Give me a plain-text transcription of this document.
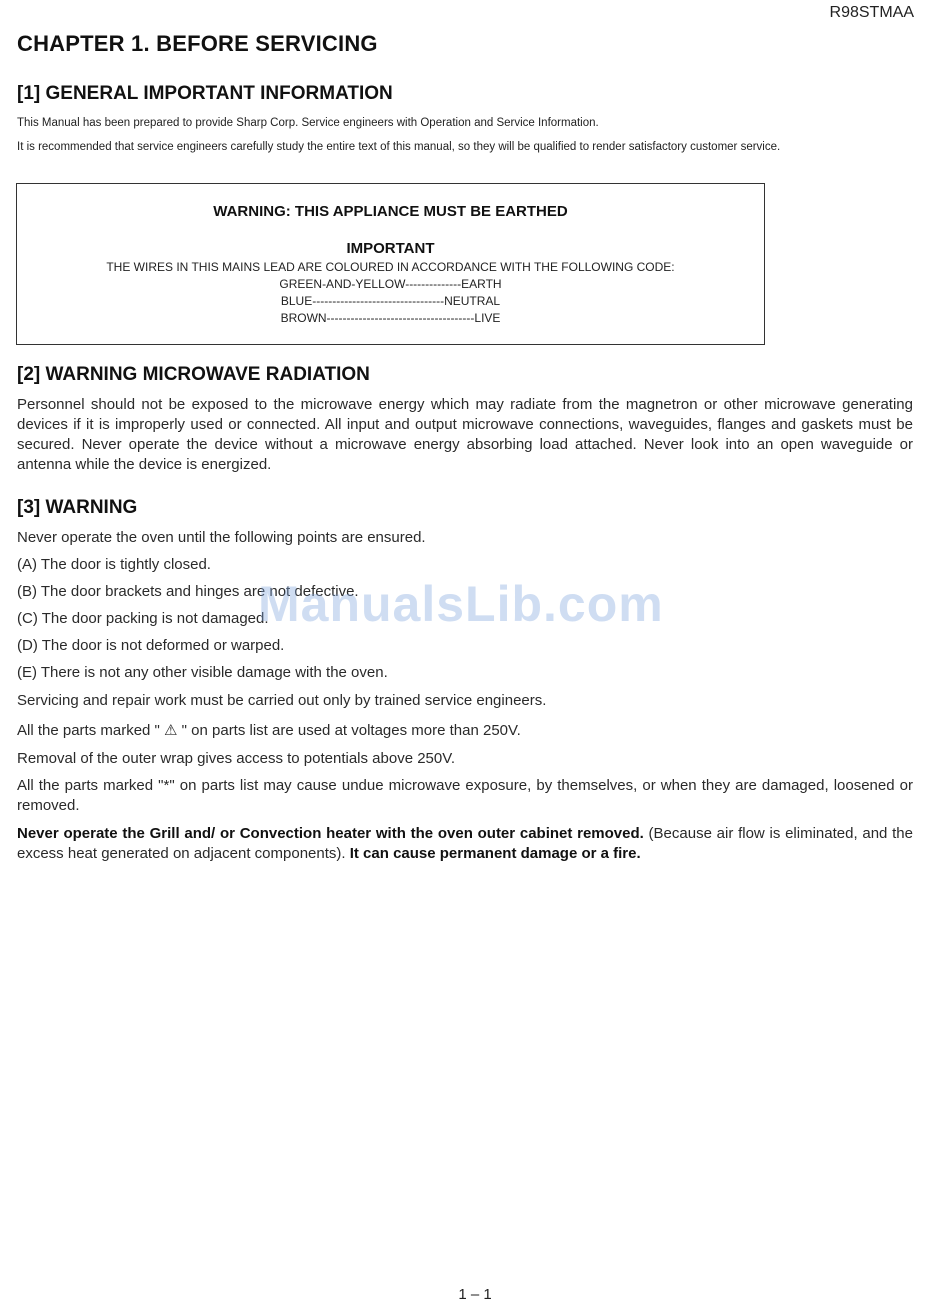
R98STMAA
CHAPTER 1. BEFORE SERVICING
[1] GENERAL IMPORTANT INFORMATION
This Manual has been prepared to provide Sharp Corp. Service engineers with Operation and Service Information.
It is recommended that service engineers carefully study the entire text of this manual, so they will be qualified to render satisfactory customer service.
WARNING: THIS APPLIANCE MUST BE EARTHED
IMPORTANT
THE WIRES IN THIS MAINS LEAD ARE COLOURED IN ACCORDANCE WITH THE FOLLOWING CODE:
GREEN-AND-YELLOW--------------EARTH
BLUE---------------------------------NEUTRAL
BROWN-------------------------------------LIVE
[2] WARNING MICROWAVE RADIATION
Personnel should not be exposed to the microwave energy which may radiate from the magnetron or other microwave generating devices if it is improperly used or connected. All input and output microwave connections, waveguides, flanges and gaskets must be secured. Never operate the device without a microwave energy absorbing load attached. Never look into an open waveguide or antenna while the device is energized.
[3] WARNING
Never operate the oven until the following points are ensured.
(A) The door is tightly closed.
(B) The door brackets and hinges are not defective.
(C) The door packing is not damaged.
(D) The door is not deformed or warped.
(E) There is not any other visible damage with the oven.
Servicing and repair work must be carried out only by trained service engineers.
All the parts marked " ⚠ " on parts list are used at voltages more than 250V.
Removal of the outer wrap gives access to potentials above 250V.
All the parts marked "*" on parts list may cause undue microwave exposure, by themselves, or when they are damaged, loosened or removed.
Never operate the Grill and/ or Convection heater with the oven outer cabinet removed. (Because air flow is eliminated, and the excess heat generated on adjacent components). It can cause permanent damage or a fire.
ManualsLib.com
1 – 1
